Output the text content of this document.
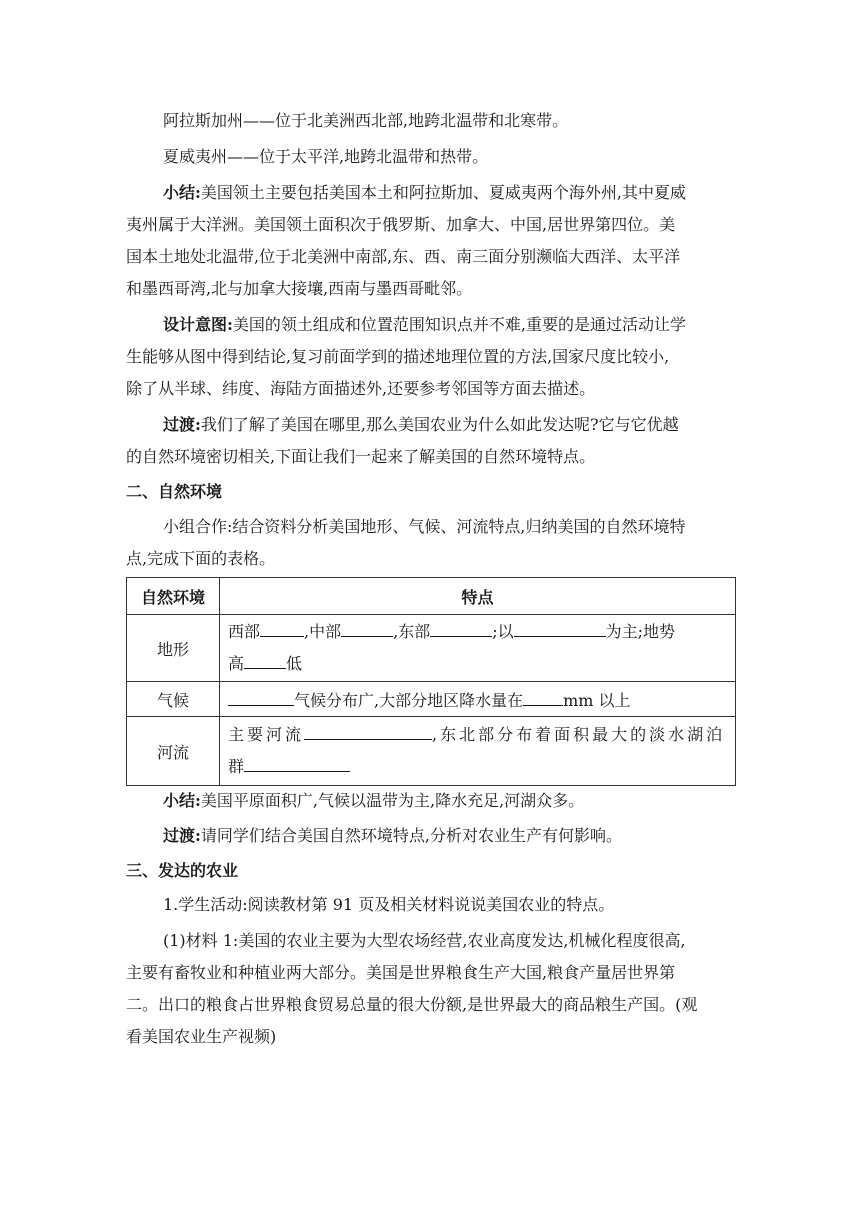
阿拉斯加州——位于北美洲西北部,地跨北温带和北寒带。
夏威夷州——位于太平洋,地跨北温带和热带。
小结:美国领土主要包括美国本土和阿拉斯加、夏威夷两个海外州,其中夏威
夷州属于大洋洲。美国领土面积次于俄罗斯、加拿大、中国,居世界第四位。美
国本土地处北温带,位于北美洲中南部,东、西、南三面分别濒临大西洋、太平洋
和墨西哥湾,北与加拿大接壤,西南与墨西哥毗邻。
设计意图:美国的领土组成和位置范围知识点并不难,重要的是通过活动让学
生能够从图中得到结论,复习前面学到的描述地理位置的方法,国家尺度比较小,
除了从半球、纬度、海陆方面描述外,还要参考邻国等方面去描述。
过渡:我们了解了美国在哪里,那么美国农业为什么如此发达呢?它与它优越
的自然环境密切相关,下面让我们一起来了解美国的自然环境特点。
二、自然环境
小组合作:结合资料分析美国地形、气候、河流特点,归纳美国的自然环境特
点,完成下面的表格。
自然环境	特点
地形	西部 ,中部 ,东部 ;以 为主;地势
高 低

气候	气候分布广,大部分地区降水量在 mm 以上
河流	主要河流 ,东北部分布着面积最大的淡水湖泊
群
小结:美国平原面积广,气候以温带为主,降水充足,河湖众多。
过渡:请同学们结合美国自然环境特点,分析对农业生产有何影响。
三、发达的农业
1.学生活动:阅读教材第 91 页及相关材料说说美国农业的特点。
(1)材料 1:美国的农业主要为大型农场经营,农业高度发达,机械化程度很高,
主要有畜牧业和种植业两大部分。美国是世界粮食生产大国,粮食产量居世界第
二。出口的粮食占世界粮食贸易总量的很大份额,是世界最大的商品粮生产国。(观
看美国农业生产视频)
